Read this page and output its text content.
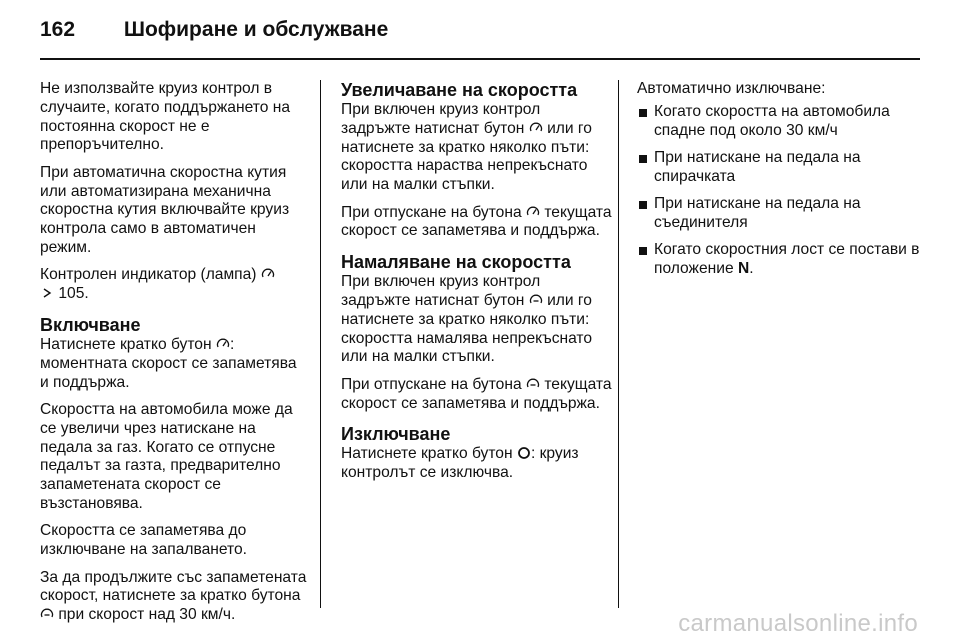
162 Шофиране и обслужване

Не използвайте круиз контрол в случаите, когато поддържането на постоянна скорост не е препоръчително.

При автоматична скоростна кутия или автоматизирана механична скоростна кутия включвайте круиз контрола само в автоматичен режим.

Контролен индикатор (лампа)
105.

Включване

Натиснете кратко бутон : моментната скорост се запаметява и поддържа.

Скоростта на автомобила може да се увеличи чрез натискане на педала за газ. Когато се отпусне педалът за газта, предварително запаметената скорост се възстановява.

Скоростта се запаметява до изключване на запалването.

За да продължите със запаметената скорост, натиснете за кратко бутона  при скорост над 30 км/ч.

Увеличаване на скоростта

При включен круиз контрол задръжте натиснат бутон или го натиснете за кратко няколко пъти: скоростта нараства непрекъснато или на малки стъпки.

При отпускане на бутона текущата скорост се запаметява и поддържа.

Намаляване на скоростта

При включен круиз контрол задръжте натиснат бутон или го натиснете за кратко няколко пъти: скоростта намалява непрекъснато или на малки стъпки.

При отпускане на бутона текущата скорост се запаметява и поддържа.

Изключване

Натиснете кратко бутон : круиз контролът се изключва.

Автоматично изключване:

Когато скоростта на автомобила спадне под около 30 км/ч
При натискане на педала на спирачката
При натискане на педала на съединителя
Когато скоростния лост се постави в положение N.
carmanualsonline.info
